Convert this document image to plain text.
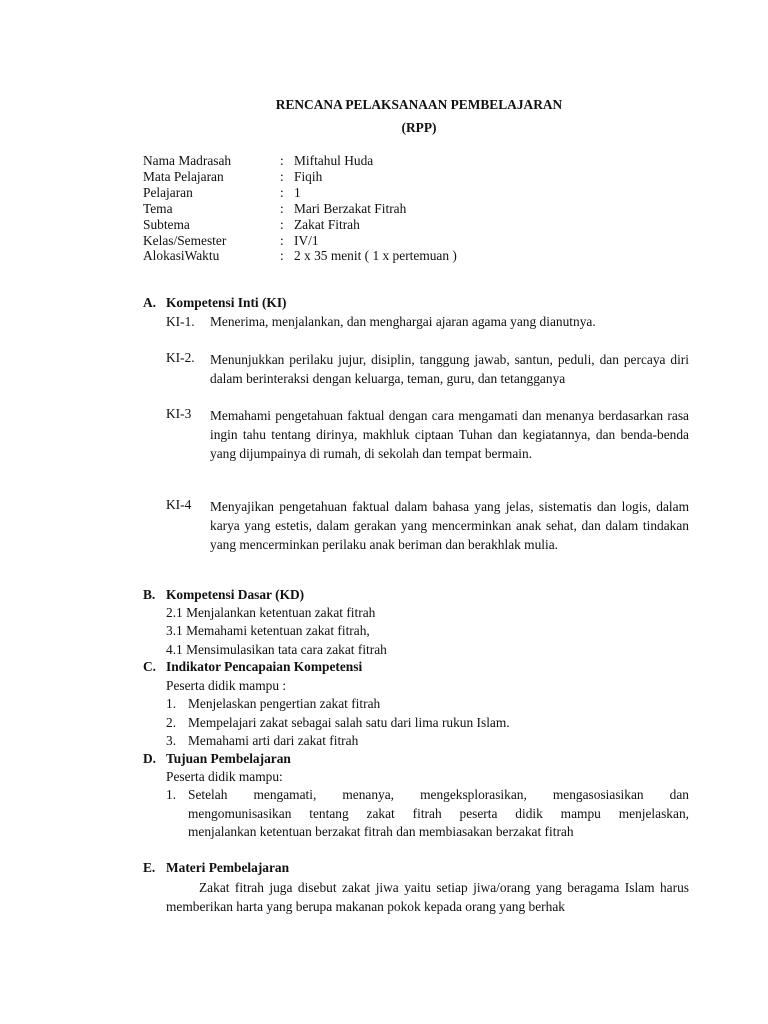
RENCANA PELAKSANAAN PEMBELAJARAN
(RPP)
Nama Madrasah	: Miftahul Huda
Mata Pelajaran	: Fiqih
Pelajaran	: 1
Tema	: Mari Berzakat Fitrah
Subtema	: Zakat Fitrah
Kelas/Semester	: IV/1
AlokasiWaktu	: 2 x 35 menit ( 1 x pertemuan )
A. Kompetensi Inti (KI)
KI-1. Menerima, menjalankan, dan menghargai ajaran agama yang dianutnya.
KI-2. Menunjukkan perilaku jujur, disiplin, tanggung jawab, santun, peduli, dan percaya diri dalam berinteraksi dengan keluarga, teman, guru, dan tetangganya
KI-3 Memahami pengetahuan faktual dengan cara mengamati dan menanya berdasarkan rasa ingin tahu tentang dirinya, makhluk ciptaan Tuhan dan kegiatannya, dan benda-benda yang dijumpainya di rumah, di sekolah dan tempat bermain.
KI-4 Menyajikan pengetahuan faktual dalam bahasa yang jelas, sistematis dan logis, dalam karya yang estetis, dalam gerakan yang mencerminkan anak sehat, dan dalam tindakan yang mencerminkan perilaku anak beriman dan berakhlak mulia.
B. Kompetensi Dasar (KD)
2.1 Menjalankan ketentuan zakat fitrah
3.1 Memahami ketentuan zakat fitrah,
4.1 Mensimulasikan tata cara zakat fitrah
C. Indikator Pencapaian Kompetensi
Peserta didik mampu :
1. Menjelaskan pengertian zakat fitrah
2. Mempelajari zakat sebagai salah satu dari lima rukun Islam.
3. Memahami arti dari zakat fitrah
D. Tujuan Pembelajaran
Peserta didik mampu:
1. Setelah mengamati, menanya, mengeksplorasikan, mengasosiasikan dan
mengomunisasikan tentang zakat fitrah peserta didik mampu menjelaskan,
menjalankan ketentuan berzakat fitrah dan membiasakan berzakat fitrah
E. Materi Pembelajaran
Zakat fitrah juga disebut zakat jiwa yaitu setiap jiwa/orang yang beragama Islam harus memberikan harta yang berupa makanan pokok kepada orang yang berhak
